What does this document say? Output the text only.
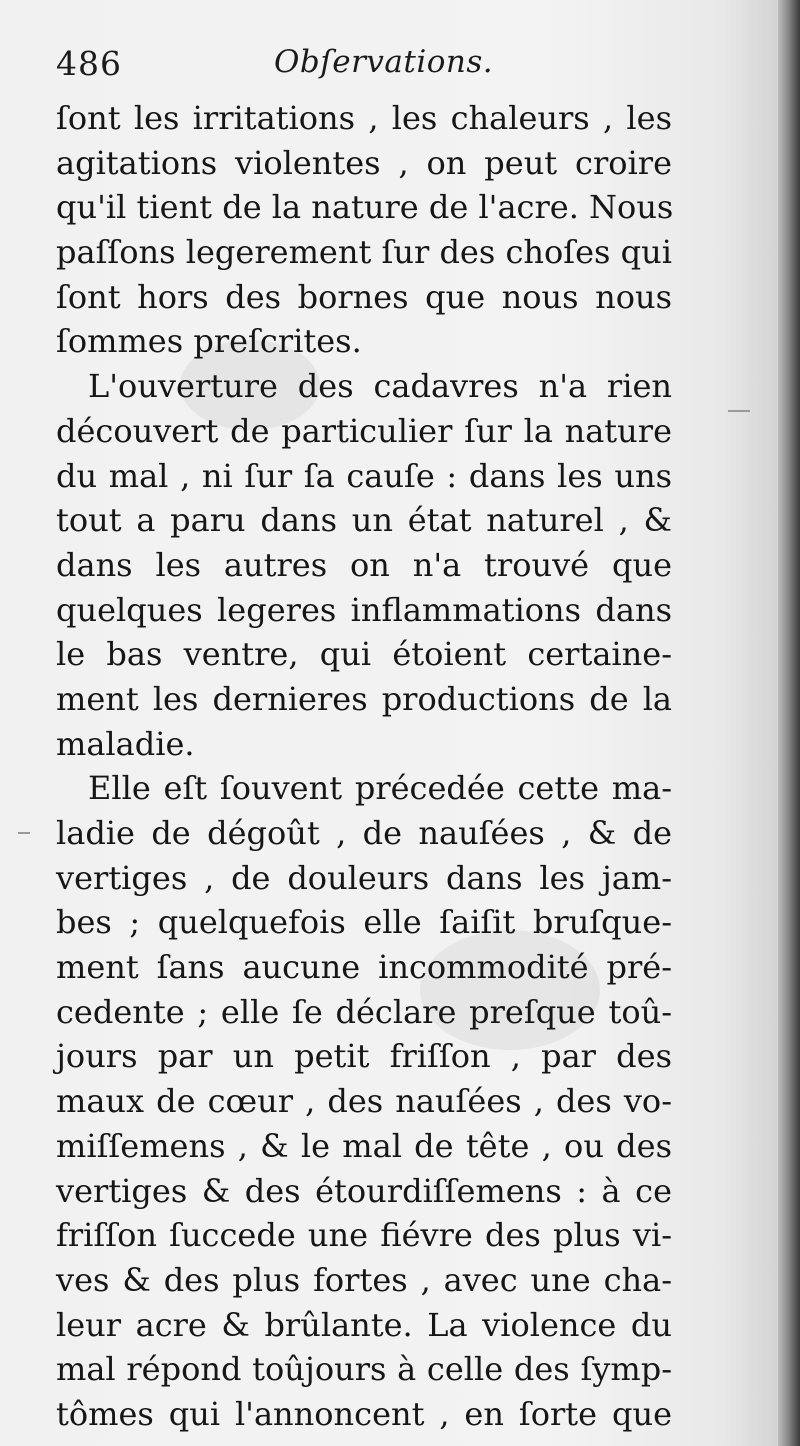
486	Obſervations.

ſont les irritations , les chaleurs , les
agitations violentes , on peut croire
qu'il tient de la nature de l'acre. Nous
paſſons legerement ſur des choſes qui
ſont hors des bornes que nous nous
ſommes preſcrites.

L'ouverture des cadavres n'a rien
découvert de particulier ſur la nature
du mal , ni ſur ſa cauſe : dans les uns
tout a paru dans un état naturel , &
dans les autres on n'a trouvé que
quelques legeres inflammations dans
le bas ventre, qui étoient certaine-
ment les dernieres productions de la
maladie.

Elle eſt ſouvent précedée cette ma-
ladie de dégoût , de nauſées , & de
vertiges , de douleurs dans les jam-
bes ; quelquefois elle ſaiſit bruſque-
ment ſans aucune incommodité pré-
cedente ; elle ſe déclare preſque toû-
jours par un petit friſſon , par des
maux de cœur , des nauſées , des vo-
miſſemens , & le mal de tête , ou des
vertiges & des étourdiſſemens : à ce
friſſon ſuccede une fiévre des plus vi-
ves & des plus fortes , avec une cha-
leur acre & brûlante. La violence du
mal répond toûjours à celle des ſymp-
tômes qui l'annoncent , en ſorte que
